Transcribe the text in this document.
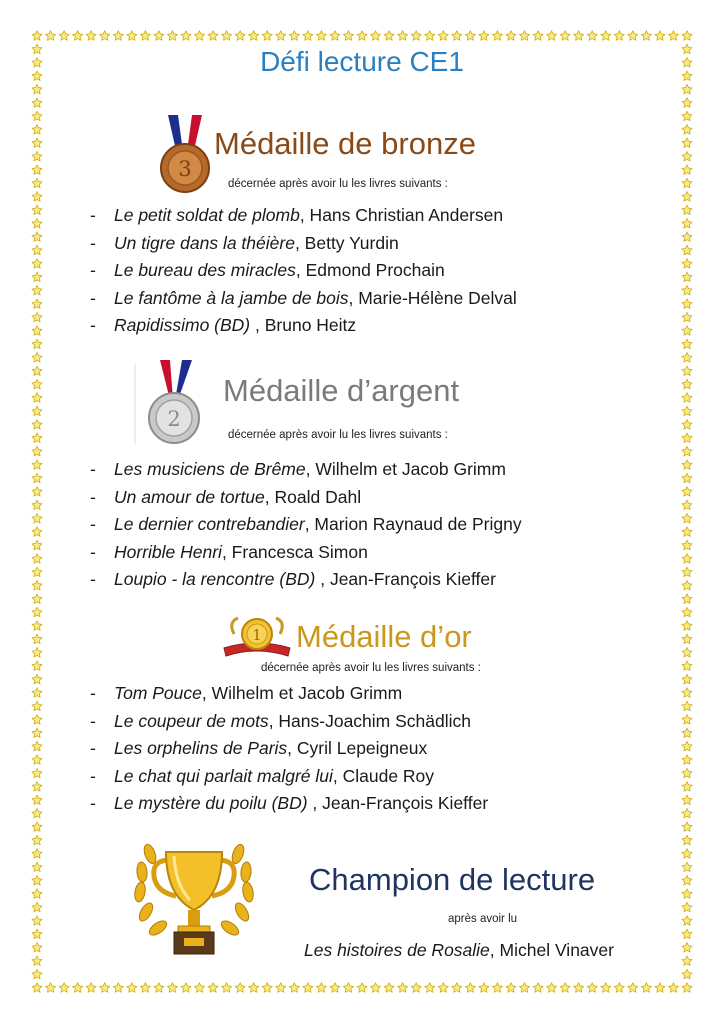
Défi lecture CE1
3
Médaille de bronze
décernée après avoir lu les livres suivants :
- Le petit soldat de plomb, Hans Christian Andersen
- Un tigre dans la théière, Betty Yurdin
- Le bureau des miracles, Edmond Prochain
- Le fantôme à la jambe de bois, Marie-Hélène Delval
- Rapidissimo (BD) , Bruno Heitz
2
Médaille d’argent
décernée après avoir lu les livres suivants :
- Les musiciens de Brême, Wilhelm et Jacob Grimm
- Un amour de tortue, Roald Dahl
- Le dernier contrebandier, Marion Raynaud de Prigny
- Horrible Henri, Francesca Simon
- Loupio - la rencontre (BD) , Jean-François Kieffer
1 Médaille d’or
décernée après avoir lu les livres suivants :
- Tom Pouce, Wilhelm et Jacob Grimm
- Le coupeur de mots, Hans-Joachim Schädlich
- Les orphelins de Paris, Cyril Lepeigneux
- Le chat qui parlait malgré lui, Claude Roy
- Le mystère du poilu (BD) , Jean-François Kieffer
Champion de lecture
après avoir lu
Les histoires de Rosalie, Michel Vinaver
